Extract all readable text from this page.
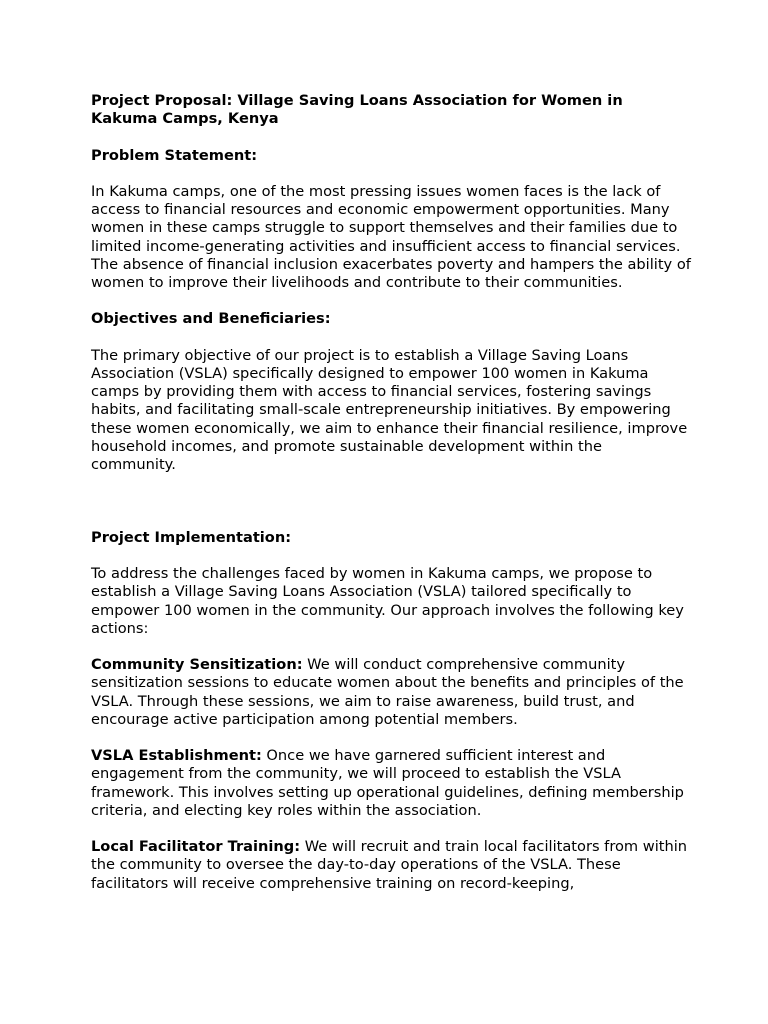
Project Proposal: Village Saving Loans Association for Women in Kakuma Camps, Kenya

Problem Statement:

In Kakuma camps, one of the most pressing issues women faces is the lack of access to financial resources and economic empowerment opportunities. Many women in these camps struggle to support themselves and their families due to limited income-generating activities and insufficient access to financial services. The absence of financial inclusion exacerbates poverty and hampers the ability of women to improve their livelihoods and contribute to their communities.

Objectives and Beneficiaries:

The primary objective of our project is to establish a Village Saving Loans Association (VSLA) specifically designed to empower 100 women in Kakuma camps by providing them with access to financial services, fostering savings habits, and facilitating small-scale entrepreneurship initiatives. By empowering these women economically, we aim to enhance their financial resilience, improve household incomes, and promote sustainable development within the community.

Project Implementation:

To address the challenges faced by women in Kakuma camps, we propose to establish a Village Saving Loans Association (VSLA) tailored specifically to empower 100 women in the community. Our approach involves the following key actions:

Community Sensitization: We will conduct comprehensive community sensitization sessions to educate women about the benefits and principles of the VSLA. Through these sessions, we aim to raise awareness, build trust, and encourage active participation among potential members.

VSLA Establishment: Once we have garnered sufficient interest and engagement from the community, we will proceed to establish the VSLA framework. This involves setting up operational guidelines, defining membership criteria, and electing key roles within the association.

Local Facilitator Training: We will recruit and train local facilitators from within the community to oversee the day-to-day operations of the VSLA. These facilitators will receive comprehensive training on record-keeping,
